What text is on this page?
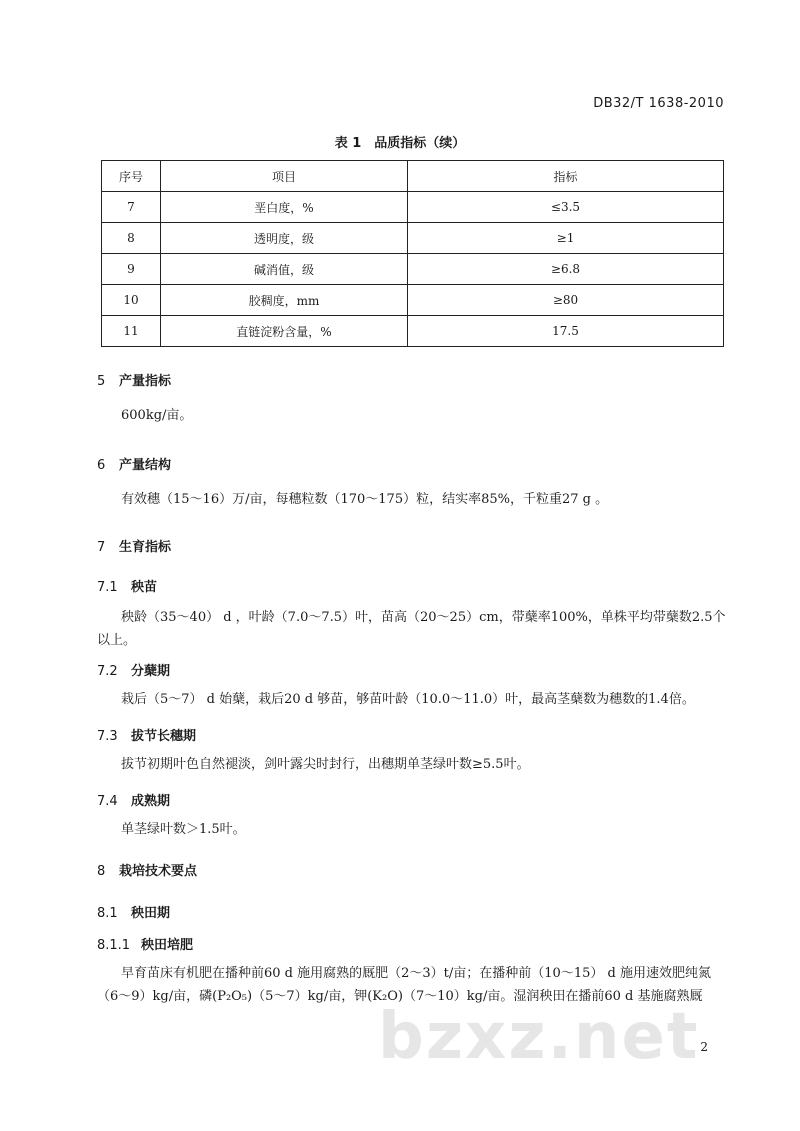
DB32/T 1638-2010
表 1　品质指标（续）
序号	项目	指标
7	垩白度，%	≤3.5
8	透明度，级	≥1
9	碱消值，级	≥6.8
10	胶稠度，mm	≥80
11	直链淀粉含量，%	17.5
5 产量指标
600kg/亩。
6 产量结构
有效穗（15～16）万/亩，每穗粒数（170～175）粒，结实率85%，千粒重27 g 。
7 生育指标
7.1 秧苗
秧龄（35～40） d ，叶龄（7.0～7.5）叶，苗高（20～25）cm，带蘖率100%，单株平均带蘖数2.5个以上。
7.2 分蘖期
栽后（5～7） d 始蘖，栽后20 d 够苗，够苗叶龄（10.0～11.0）叶，最高茎蘖数为穗数的1.4倍。
7.3 拔节长穗期
拔节初期叶色自然褪淡，剑叶露尖时封行，出穗期单茎绿叶数≥5.5叶。
7.4 成熟期
单茎绿叶数＞1.5叶。
8 栽培技术要点
8.1 秧田期
8.1.1 秧田培肥
早育苗床有机肥在播种前60 d 施用腐熟的厩肥（2～3）t/亩；在播种前（10～15） d 施用速效肥纯氮（6～9）kg/亩，磷(P₂O₅)（5～7）kg/亩，钾(K₂O)（7～10）kg/亩。湿润秧田在播前60 d 基施腐熟厩
bzxz.net 2
